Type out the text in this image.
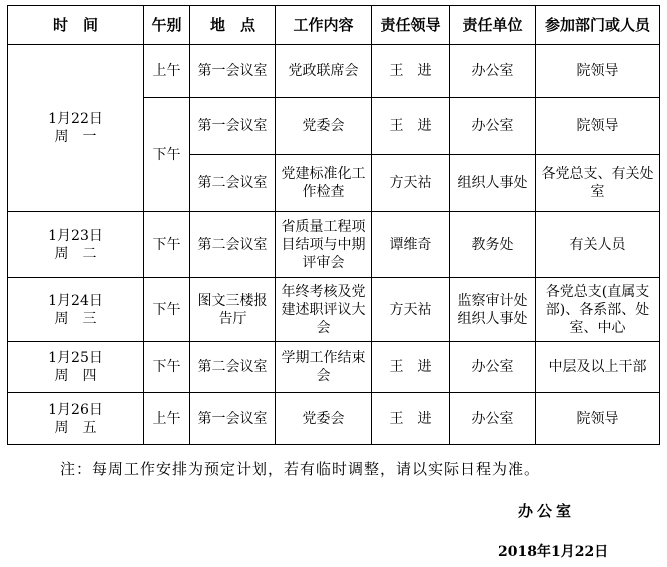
时　间	午别	地　点	工作内容	责任领导	责任单位	参加部门或人员

1月22日
周　一	上午	第一会议室	党政联席会	王　进	办公室	院领导
	下午	第一会议室	党委会	王　进	办公室	院领导
		第二会议室	党建标准化工作检查	方天祜	组织人事处	各党总支、有关处室

1月23日
周　二	下午	第二会议室	省质量工程项目结项与中期评审会	谭维奇	教务处	有关人员

1月24日
周　三	下午	图文三楼报告厅	年终考核及党建述职评议大会	方天祜	监察审计处组织人事处	各党总支(直属支部)、各系部、处室、中心

1月25日
周　四	下午	第二会议室	学期工作结束会	王　进	办公室	中层及以上干部

1月26日
周　五	上午	第一会议室	党委会	王　进	办公室	院领导
注：每周工作安排为预定计划，若有临时调整，请以实际日程为准。
办公室
2018年1月22日
